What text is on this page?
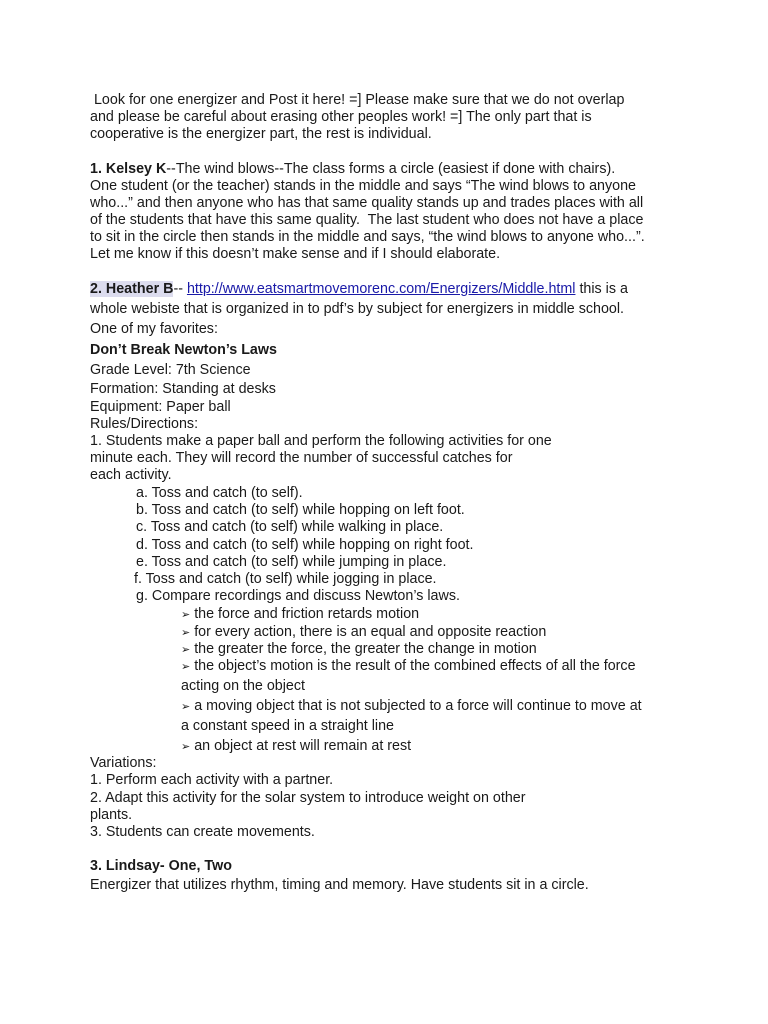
Look for one energizer and Post it here! =] Please make sure that we do not overlap
and please be careful about erasing other peoples work! =] The only part that is
cooperative is the energizer part, the rest is individual.
1. Kelsey K--The wind blows--The class forms a circle (easiest if done with chairs).
One student (or the teacher) stands in the middle and says “The wind blows to anyone
who...” and then anyone who has that same quality stands up and trades places with all
of the students that have this same quality.  The last student who does not have a place
to sit in the circle then stands in the middle and says, “the wind blows to anyone who...”.
Let me know if this doesn’t make sense and if I should elaborate.
2. Heather B-- http://www.eatsmartmovemorenc.com/Energizers/Middle.html this is a
whole webiste that is organized in to pdf’s by subject for energizers in middle school.
One of my favorites:
Don’t Break Newton’s Laws
Grade Level: 7th Science
Formation: Standing at desks
Equipment: Paper ball
Rules/Directions:
1. Students make a paper ball and perform the following activities for one
minute each. They will record the number of successful catches for
each activity.
a. Toss and catch (to self).
b. Toss and catch (to self) while hopping on left foot.
c. Toss and catch (to self) while walking in place.
d. Toss and catch (to self) while hopping on right foot.
e. Toss and catch (to self) while jumping in place.
f. Toss and catch (to self) while jogging in place.
g. Compare recordings and discuss Newton’s laws.
➢ the force and friction retards motion
➢ for every action, there is an equal and opposite reaction
➢ the greater the force, the greater the change in motion
➢ the object’s motion is the result of the combined effects of all the force
acting on the object
➢ a moving object that is not subjected to a force will continue to move at
a constant speed in a straight line
➢ an object at rest will remain at rest
Variations:
1. Perform each activity with a partner.
2. Adapt this activity for the solar system to introduce weight on other
plants.
3. Students can create movements.
3. Lindsay- One, Two
Energizer that utilizes rhythm, timing and memory. Have students sit in a circle.
